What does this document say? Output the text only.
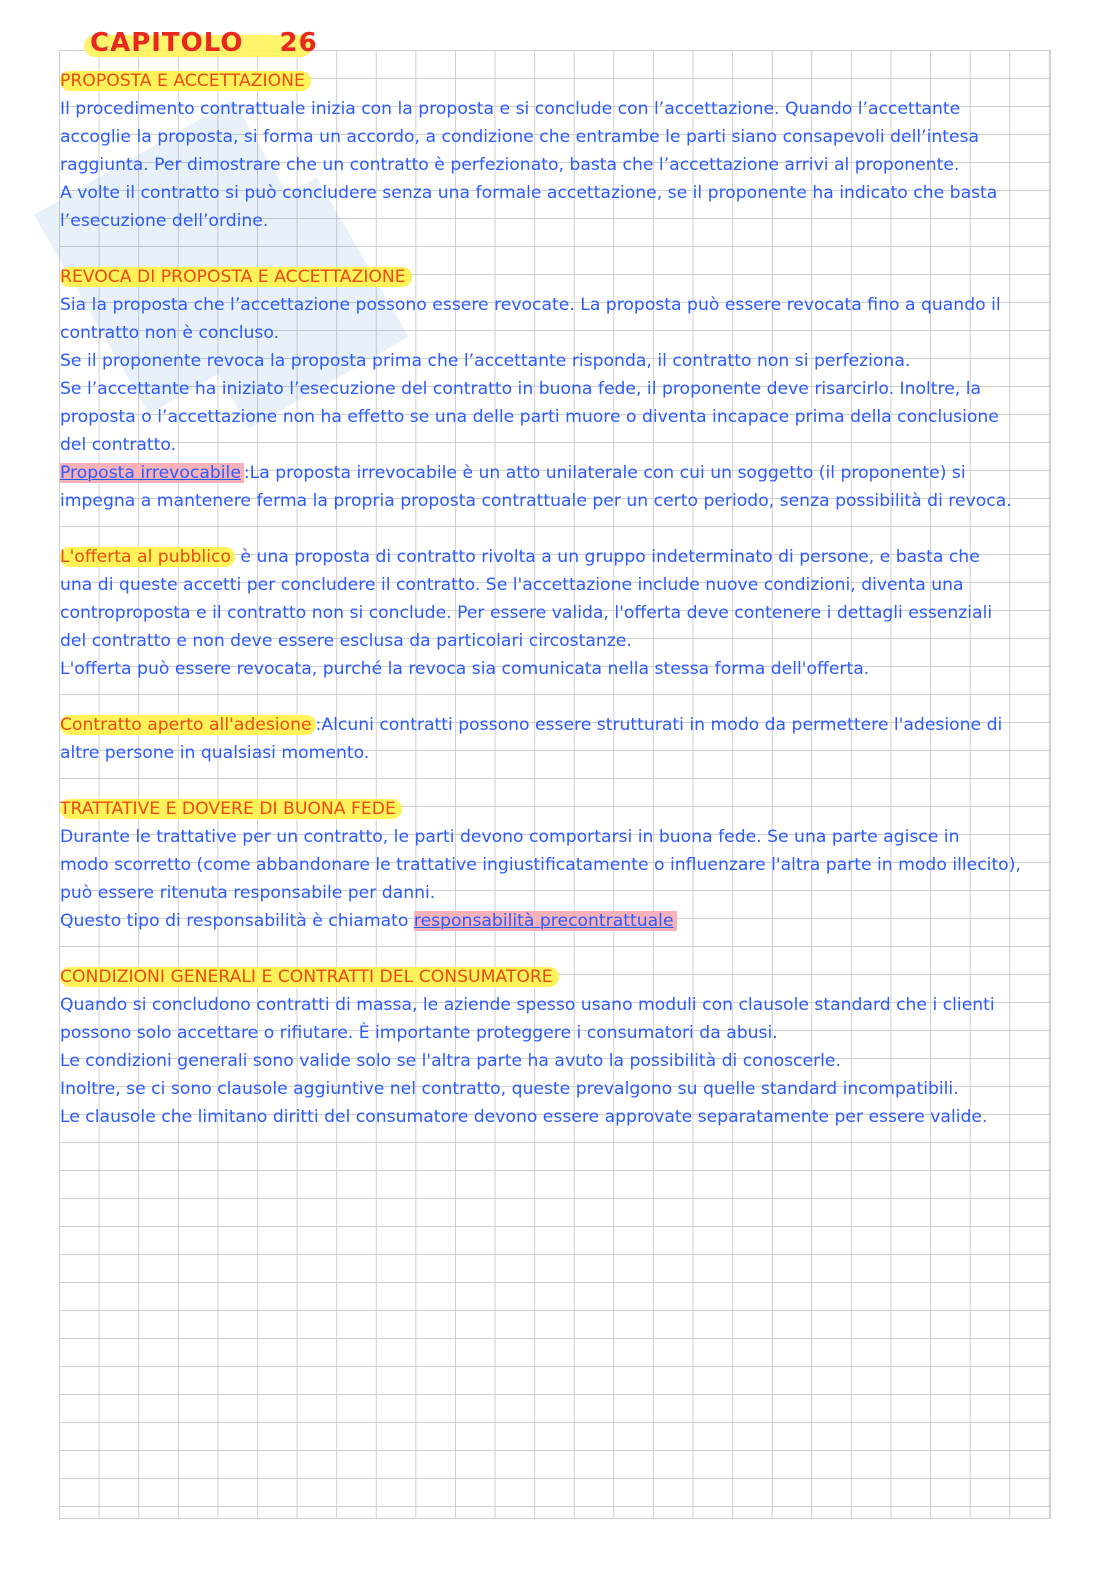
CAPITOLO 26
PROPOSTA E ACCETTAZIONE
Il procedimento contrattuale inizia con la proposta e si conclude con l’accettazione. Quando l’accettante
accoglie la proposta, si forma un accordo, a condizione che entrambe le parti siano consapevoli dell’intesa
raggiunta. Per dimostrare che un contratto è perfezionato, basta che l’accettazione arrivi al proponente.
A volte il contratto si può concludere senza una formale accettazione, se il proponente ha indicato che basta
l’esecuzione dell’ordine.
REVOCA DI PROPOSTA E ACCETTAZIONE
Sia la proposta che l’accettazione possono essere revocate. La proposta può essere revocata fino a quando il
contratto non è concluso.
Se il proponente revoca la proposta prima che l’accettante risponda, il contratto non si perfeziona.
Se l’accettante ha iniziato l’esecuzione del contratto in buona fede, il proponente deve risarcirlo. Inoltre, la
proposta o l’accettazione non ha effetto se una delle parti muore o diventa incapace prima della conclusione
del contratto.
Proposta irrevocabile :La proposta irrevocabile è un atto unilaterale con cui un soggetto (il proponente) si
impegna a mantenere ferma la propria proposta contrattuale per un certo periodo, senza possibilità di revoca.
L'offerta al pubblico è una proposta di contratto rivolta a un gruppo indeterminato di persone, e basta che
una di queste accetti per concludere il contratto. Se l'accettazione include nuove condizioni, diventa una
controproposta e il contratto non si conclude. Per essere valida, l'offerta deve contenere i dettagli essenziali
del contratto e non deve essere esclusa da particolari circostanze.
L'offerta può essere revocata, purché la revoca sia comunicata nella stessa forma dell'offerta.
Contratto aperto all'adesione :Alcuni contratti possono essere strutturati in modo da permettere l'adesione di
altre persone in qualsiasi momento.
TRATTATIVE E DOVERE DI BUONA FEDE
Durante le trattative per un contratto, le parti devono comportarsi in buona fede. Se una parte agisce in
modo scorretto (come abbandonare le trattative ingiustificatamente o influenzare l'altra parte in modo illecito),
può essere ritenuta responsabile per danni.
Questo tipo di responsabilità è chiamato responsabilità precontrattuale
CONDIZIONI GENERALI E CONTRATTI DEL CONSUMATORE
Quando si concludono contratti di massa, le aziende spesso usano moduli con clausole standard che i clienti
possono solo accettare o rifiutare. È importante proteggere i consumatori da abusi.
Le condizioni generali sono valide solo se l'altra parte ha avuto la possibilità di conoscerle.
Inoltre, se ci sono clausole aggiuntive nel contratto, queste prevalgono su quelle standard incompatibili.
Le clausole che limitano diritti del consumatore devono essere approvate separatamente per essere valide.
